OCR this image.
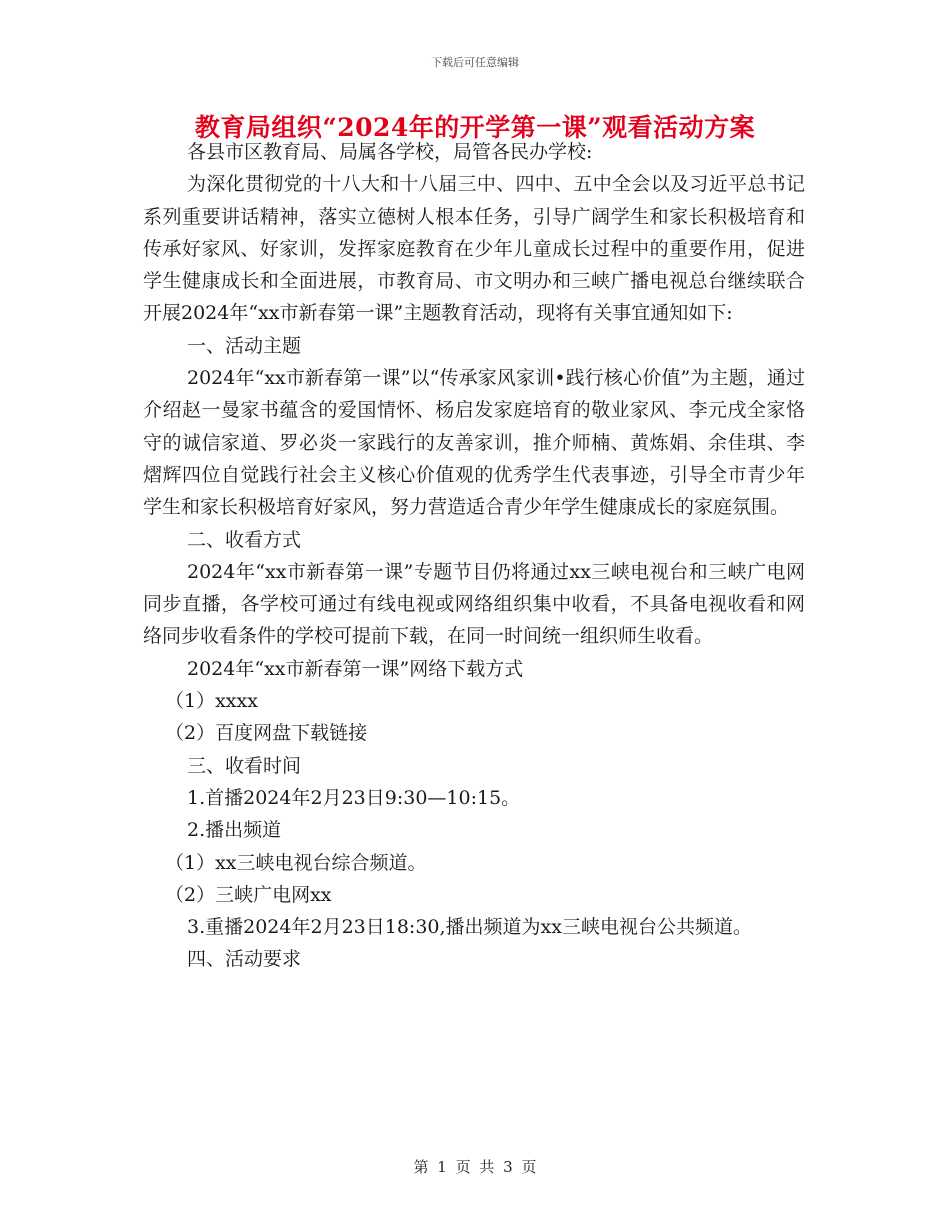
下载后可任意编辑
教育局组织“2024年的开学第一课”观看活动方案

各县市区教育局、局属各学校，局管各民办学校:

为深化贯彻党的十八大和十八届三中、四中、五中全会以及习近平总书记系列重要讲话精神，落实立德树人根本任务，引导广阔学生和家长积极培育和传承好家风、好家训，发挥家庭教育在少年儿童成长过程中的重要作用，促进学生健康成长和全面进展，市教育局、市文明办和三峡广播电视总台继续联合开展2024年“xx市新春第一课”主题教育活动，现将有关事宜通知如下:

一、活动主题

2024年“xx市新春第一课”以“传承家风家训•践行核心价值”为主题，通过介绍赵一曼家书蕴含的爱国情怀、杨启发家庭培育的敬业家风、李元戌全家恪守的诚信家道、罗必炎一家践行的友善家训，推介师楠、黄炼娟、余佳琪、李熠辉四位自觉践行社会主义核心价值观的优秀学生代表事迹，引导全市青少年学生和家长积极培育好家风，努力营造适合青少年学生健康成长的家庭氛围。

二、收看方式

2024年“xx市新春第一课”专题节目仍将通过xx三峡电视台和三峡广电网同步直播，各学校可通过有线电视或网络组织集中收看，不具备电视收看和网络同步收看条件的学校可提前下载，在同一时间统一组织师生收看。

2024年“xx市新春第一课”网络下载方式

（1）xxxx

（2）百度网盘下载链接

三、收看时间

1.首播2024年2月23日9:30—10:15。

2.播出频道

（1）xx三峡电视台综合频道。

（2）三峡广电网xx

3.重播2024年2月23日18:30,播出频道为xx三峡电视台公共频道。

四、活动要求

第 1 页 共 3 页
